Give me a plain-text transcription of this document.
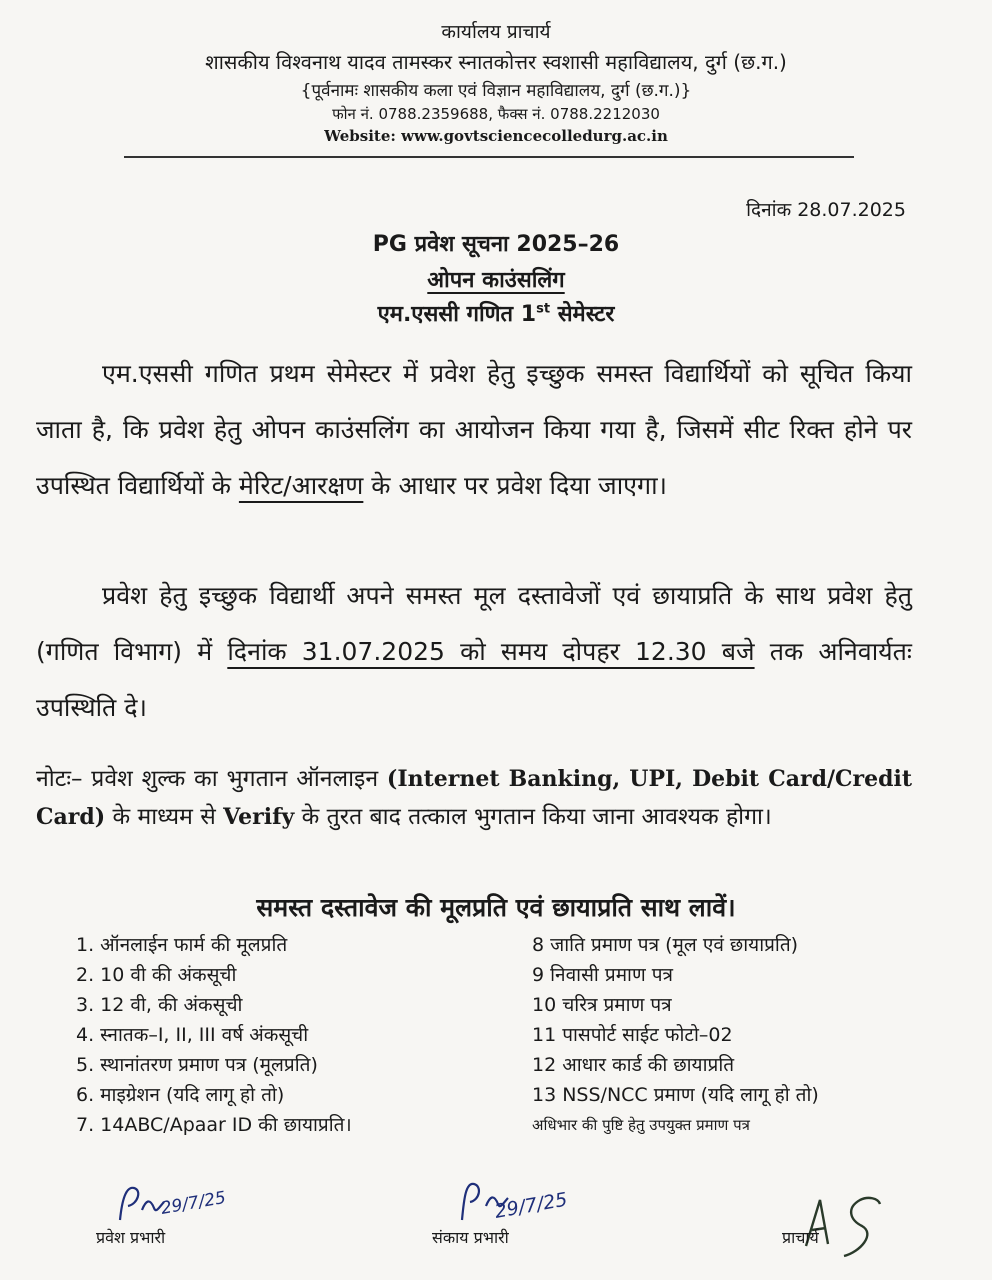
कार्यालय प्राचार्य
शासकीय विश्वनाथ यादव तामस्कर स्नातकोत्तर स्वशासी महाविद्यालय, दुर्ग (छ.ग.)
{पूर्वनामः शासकीय कला एवं विज्ञान महाविद्यालय, दुर्ग (छ.ग.)}
फोन नं. 0788.2359688, फैक्स नं. 0788.2212030
Website: www.govtsciencecolledurg.ac.in
दिनांक 28.07.2025
PG प्रवेश सूचना 2025–26
ओपन काउंसलिंग
एम.एससी गणित 1st सेमेस्टर
एम.एससी गणित प्रथम सेमेस्टर में प्रवेश हेतु इच्छुक समस्त विद्यार्थियों को सूचित किया जाता है, कि प्रवेश हेतु ओपन काउंसलिंग का आयोजन किया गया है, जिसमें सीट रिक्त होने पर उपस्थित विद्यार्थियों के मेरिट/आरक्षण के आधार पर प्रवेश दिया जाएगा।
प्रवेश हेतु इच्छुक विद्यार्थी अपने समस्त मूल दस्तावेजों एवं छायाप्रति के साथ प्रवेश हेतु (गणित विभाग) में दिनांक 31.07.2025 को समय दोपहर 12.30 बजे तक अनिवार्यतः उपस्थिति दे।
नोटः– प्रवेश शुल्क का भुगतान ऑनलाइन (Internet Banking, UPI, Debit Card/Credit Card) के माध्यम से Verify के तुरत बाद तत्काल भुगतान किया जाना आवश्यक होगा।
समस्त दस्तावेज की मूलप्रति एवं छायाप्रति साथ लावें।
1. ऑनलाईन फार्म की मूलप्रति
2. 10 वी की अंकसूची
3. 12 वी, की अंकसूची
4. स्नातक–I, II, III वर्ष अंकसूची
5. स्थानांतरण प्रमाण पत्र (मूलप्रति)
6. माइग्रेशन (यदि लागू हो तो)
7. 14ABC/Apaar ID की छायाप्रति।
8 जाति प्रमाण पत्र (मूल एवं छायाप्रति)
9 निवासी प्रमाण पत्र
10 चरित्र प्रमाण पत्र
11 पासपोर्ट साईट फोटो–02
12 आधार कार्ड की छायाप्रति
13 NSS/NCC प्रमाण (यदि लागू हो तो)
अधिभार की पुष्टि हेतु उपयुक्त प्रमाण पत्र
29/7/25
प्रवेश प्रभारी
29/7/25
संकाय प्रभारी	प्राचार्य
